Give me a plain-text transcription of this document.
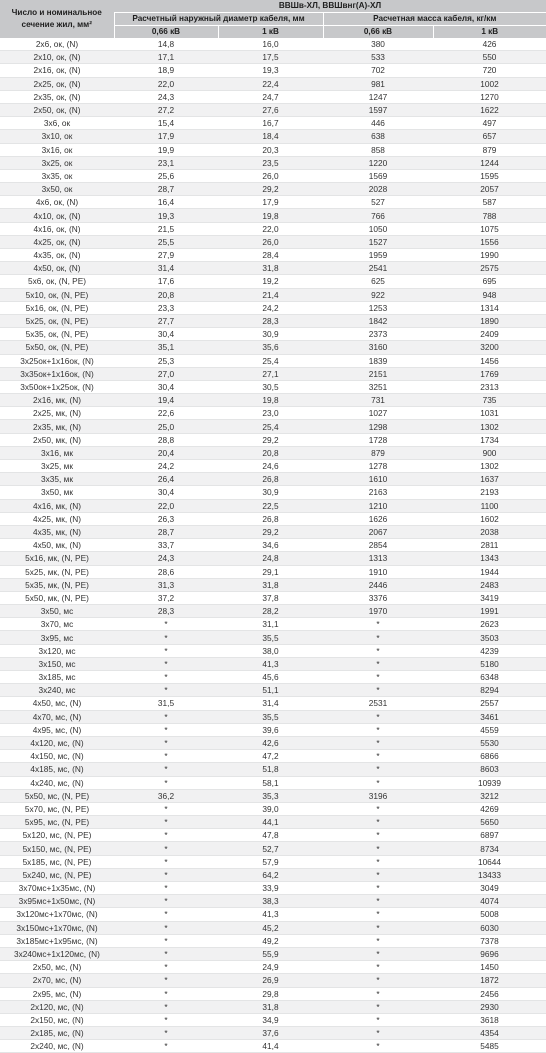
Число и номинальное сечение жил, мм²	ВВШв-ХЛ, ВВШвнг(А)-ХЛ			
	Расчетный наружный диаметр кабеля, мм		Расчетная масса кабеля, кг/км	
	0,66 кВ	1 кВ	0,66 кВ	1 кВ
2х6, ок, (N)	14,8	16,0	380	426
2х10, ок, (N)	17,1	17,5	533	550
2х16, ок, (N)	18,9	19,3	702	720
2х25, ок, (N)	22,0	22,4	981	1002
2х35, ок, (N)	24,3	24,7	1247	1270
2х50, ок, (N)	27,2	27,6	1597	1622
3х6, ок	15,4	16,7	446	497
3х10, ок	17,9	18,4	638	657
3х16, ок	19,9	20,3	858	879
3х25, ок	23,1	23,5	1220	1244
3х35, ок	25,6	26,0	1569	1595
3х50, ок	28,7	29,2	2028	2057
4х6, ок, (N)	16,4	17,9	527	587
4х10, ок, (N)	19,3	19,8	766	788
4х16, ок, (N)	21,5	22,0	1050	1075
4х25, ок, (N)	25,5	26,0	1527	1556
4х35, ок, (N)	27,9	28,4	1959	1990
4х50, ок, (N)	31,4	31,8	2541	2575
5х6, ок, (N, PE)	17,6	19,2	625	695
5х10, ок, (N, PE)	20,8	21,4	922	948
5х16, ок, (N, PE)	23,3	24,2	1253	1314
5х25, ок, (N, PE)	27,7	28,3	1842	1890
5х35, ок, (N, PE)	30,4	30,9	2373	2409
5х50, ок, (N, PE)	35,1	35,6	3160	3200
3х25ок+1х16ок, (N)	25,3	25,4	1839	1456
3х35ок+1х16ок, (N)	27,0	27,1	2151	1769
3х50ок+1х25ок, (N)	30,4	30,5	3251	2313
2х16, мк, (N)	19,4	19,8	731	735
2х25, мк, (N)	22,6	23,0	1027	1031
2х35, мк, (N)	25,0	25,4	1298	1302
2х50, мк, (N)	28,8	29,2	1728	1734
3х16, мк	20,4	20,8	879	900
3х25, мк	24,2	24,6	1278	1302
3х35, мк	26,4	26,8	1610	1637
3х50, мк	30,4	30,9	2163	2193
4х16, мк, (N)	22,0	22,5	1210	1100
4х25, мк, (N)	26,3	26,8	1626	1602
4х35, мк, (N)	28,7	29,2	2067	2038
4х50, мк, (N)	33,7	34,6	2854	2811
5х16, мк, (N, PE)	24,3	24,8	1313	1343
5х25, мк, (N, PE)	28,6	29,1	1910	1944
5х35, мк, (N, PE)	31,3	31,8	2446	2483
5х50, мк, (N, PE)	37,2	37,8	3376	3419
3х50, мс	28,3	28,2	1970	1991
3х70, мс	*	31,1	*	2623
3х95, мс	*	35,5	*	3503
3х120, мс	*	38,0	*	4239
3х150, мс	*	41,3	*	5180
3х185, мс	*	45,6	*	6348
3х240, мс	*	51,1	*	8294
4х50, мс, (N)	31,5	31,4	2531	2557
4х70, мс, (N)	*	35,5	*	3461
4х95, мс, (N)	*	39,6	*	4559
4х120, мс, (N)	*	42,6	*	5530
4х150, мс, (N)	*	47,2	*	6866
4х185, мс, (N)	*	51,8	*	8603
4х240, мс, (N)	*	58,1	*	10939
5х50, мс, (N, PE)	36,2	35,3	3196	3212
5х70, мс, (N, PE)	*	39,0	*	4269
5х95, мс, (N, PE)	*	44,1	*	5650
5х120, мс, (N, PE)	*	47,8	*	6897
5х150, мс, (N, PE)	*	52,7	*	8734
5х185, мс, (N, PE)	*	57,9	*	10644
5х240, мс, (N, PE)	*	64,2	*	13433
3х70мс+1х35мс, (N)	*	33,9	*	3049
3х95мс+1х50мс, (N)	*	38,3	*	4074
3х120мс+1х70мс, (N)	*	41,3	*	5008
3х150мс+1х70мс, (N)	*	45,2	*	6030
3х185мс+1х95мс, (N)	*	49,2	*	7378
3х240мс+1х120мс, (N)	*	55,9	*	9696
2х50, мс, (N)	*	24,9	*	1450
2х70, мс, (N)	*	26,9	*	1872
2х95, мс, (N)	*	29,8	*	2456
2х120, мс, (N)	*	31,8	*	2930
2х150, мс, (N)	*	34,9	*	3618
2х185, мс, (N)	*	37,6	*	4354
2х240, мс, (N)	*	41,4	*	5485
